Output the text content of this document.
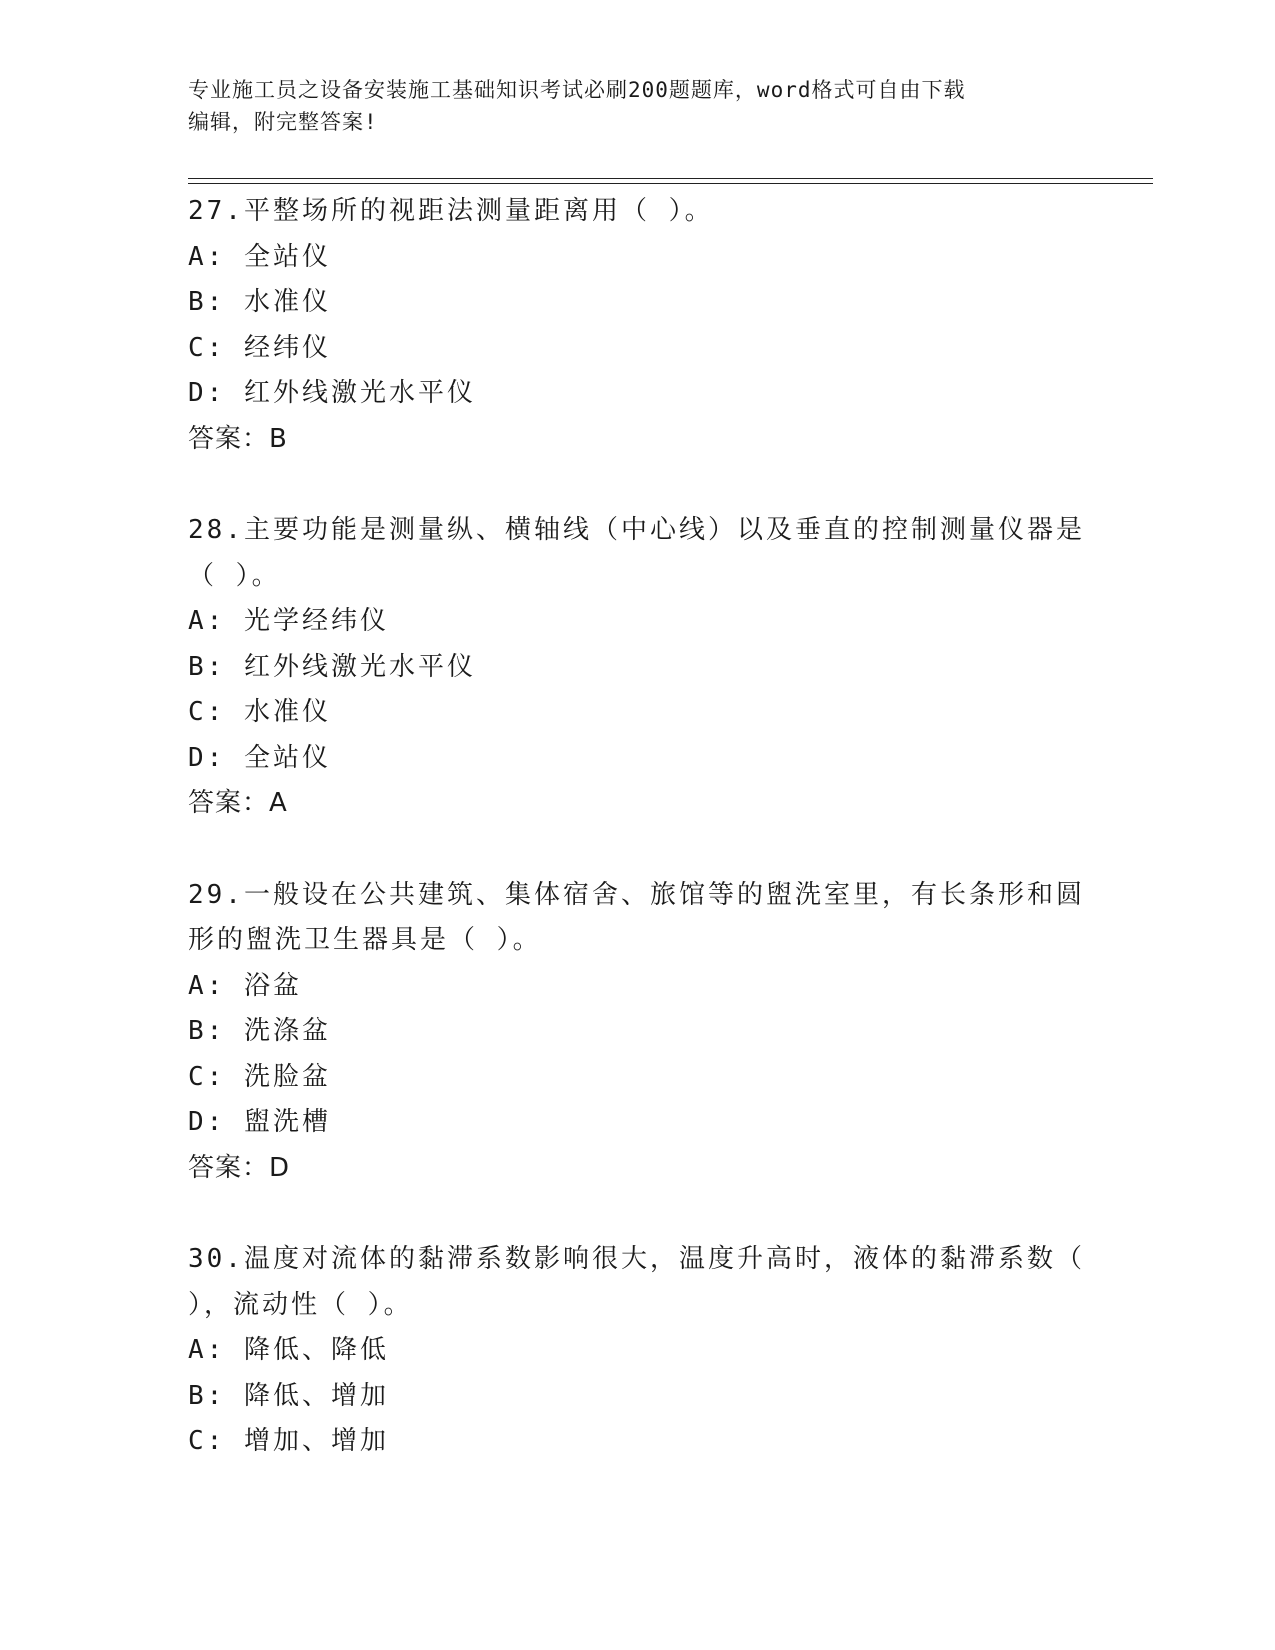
专业施工员之设备安装施工基础知识考试必刷200题题库，word格式可自由下载
编辑，附完整答案!

27.平整场所的视距法测量距离用（ ）。

A: 全站仪

B: 水准仪

C: 经纬仪

D: 红外线激光水平仪

答案：B

28.主要功能是测量纵、横轴线（中心线）以及垂直的控制测量仪器是

（ ）。

A: 光学经纬仪

B: 红外线激光水平仪

C: 水准仪

D: 全站仪

答案：A

29.一般设在公共建筑、集体宿舍、旅馆等的盥洗室里，有长条形和圆

形的盥洗卫生器具是（ ）。

A: 浴盆

B: 洗涤盆

C: 洗脸盆

D: 盥洗槽

答案：D

30.温度对流体的黏滞系数影响很大，温度升高时，液体的黏滞系数（

），流动性（ ）。

A: 降低、降低

B: 降低、增加

C: 增加、增加
